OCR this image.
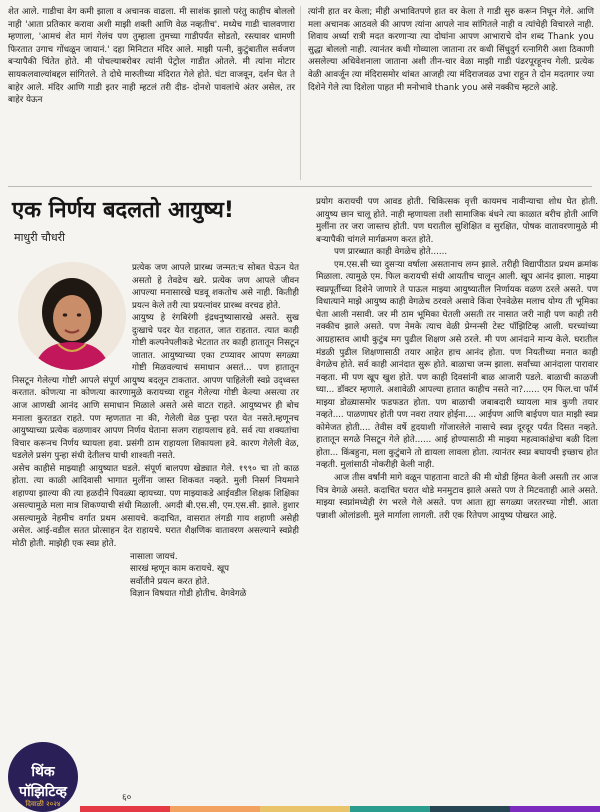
शेत आले. गाडीचा वेग कमी झाला व अचानक वाढला. मी साशंक झालो परंतु काहीच बोललो नाही 'आता प्रतिकार करावा अशी माझी शक्ती आणि वेळ नव्हतीच'. मध्येच गाडी चालवणारा म्हणाला, 'आमचं शेत मागं गेलंच पण तुम्हाला तुमच्या गाडीपर्यंत सोडतो, रस्त्यावर धामणी फिरतात उगाच गोंधळून जायानं.' दहा मिनिटात मंदिर आले. माझी पत्नी, कुटुंबातील सर्वजण बऱ्यापैकी चिंतेत होते. मी पोचल्याबरोबर त्यांनी पेट्रोल गाडीत ओतले. मी त्यांना मोटार सायकलवाल्यांबद्दल सांगितले. ते दोघे मारुतीच्या मंदिरात गेले होते. घंटा वाजवून, दर्शन घेत ते बाहेर आले. मंदिर आणि गाडी इतर नाही म्हटलं तरी दीड- दोनशे पावलांचे अंतर असेल, तर बाहेर येऊन

त्यांनी हात वर केला; मीही अभावितपणे हात वर केला ते गाडी सुरु करून निघून गेले. आणि मला अचानक आठवले की आपण त्यांना आपले नाव सांगितले नाही व त्यांचेही विचारले नाही. शिवाय अर्ध्या रात्री मदत करणाऱ्या त्या दोघांना आपण आभाराचे दोन शब्द Thank you सुद्धा बोललो नाही. त्यानंतर कधी गोव्याला जाताना तर कधी सिंधुदुर्ग रत्नागिरी अशा ठिकाणी असलेल्या अधिवेशनाला जाताना अशी तीन-चार वेळा माझी गाडी पंढरपूरहूनच गेली. प्रत्येक वेळी आवर्जून त्या मंदिरासमोर थांबत आजही त्या मंदिराजवळ उभा राहून ते दोन मदतगार ज्या दिशेने गेले त्या दिशेला पाहत मी मनोभावे thank you असे नक्कीच म्हटले आहे.

एक निर्णय बदलतो आयुष्य!

माधुरी चौधरी

प्रत्येक जण आपले प्रारब्ध जन्मत:च सोबत घेऊन येत असतो हे तेवढेच खरे. प्रत्येक जण आपले जीवन आपल्या मनासारखे घडवू शकतोच असे नाही. कितीही प्रयत्न केले तरी त्या प्रयत्नांवर प्रारब्ध वरचढ होते.

आयुष्य हे रंगबिरंगी इंद्रधनुष्यासारखे असते. सुख दुःखाचे पदर येत राहतात, जात राहतात. त्यात काही गोष्टी कल्पनेपलीकडे भेटतात तर काही हातातून निसटून जातात. आयुष्याच्या एका टप्प्यावर आपण सगळ्या गोष्टी मिळवल्याचं समाधान असतं... पण हातातून निसटून गेलेल्या गोष्टी आपले संपूर्ण आयुष्य बदलून टाकतात. आपण पाहिलेली स्वप्ने उद्ध्वस्त करतात. कोणत्या ना कोणत्या कारणामुळे करायच्या राहून गेलेल्या गोष्टी केल्या असत्या तर आज आणखी आनंद आणि समाधान मिळाले असते असे वाटत राहते. आयुष्यभर ही बोच मनाला कुरतडत राहते. पण म्हणतात ना की, गेलेली वेळ पुन्हा परत येत नसते.म्हणूनच आयुष्याच्या प्रत्येक वळणावर आपण निर्णय घेताना सजग राहायलाच हवे. सर्व त्या शक्यतांचा विचार करूनच निर्णय घ्यायला हवा. प्रसंगी ठाम राहायला शिकायला हवे. कारण गेलेली वेळ, घडलेले प्रसंग पुन्हा संधी देतीलच याची शाश्वती नसते.

असेच काहीसे माझ्याही आयुष्यात घडले. संपूर्ण बालपण खेड्यात गेले. १९९० चा तो काळ होता. त्या काळी आदिवासी भागात मुलींना जास्त शिकवत नव्हते. मुली निसर्ग नियमाने शहाण्या झाल्या की त्या हळदीने पिवळ्या व्हायच्या. पण माझ्याकडे आईवडील शिक्षक शिक्षिका असल्यामुळे मला मात्र शिकण्याची संधी मिळाली. अगदी बी.एस.सी, एम.एस.सी. झाले. हुशार असल्यामुळे नेहमीच वर्गात प्रथम असायचे. कदाचित, वासरात लंगडी गाय शहाणी असेही असेल. आई-वडील सतत प्रोत्साहन देत राहायचे. घरात शैक्षणिक वातावरण असल्याने स्वप्नेही मोठी होती. माझेही एक स्वप्न होते.

नासाला जायचं.

सारखं म्हणून काम करायचे. खूप

सर्वोतीने प्रयत्न करत होते.

विज्ञान विषयात गोडी होतीच. वेगवेगळे

प्रयोग करायची पण आवड होती. चिकित्सक वृत्ती कायमच नावीन्याचा शोध घेत होती. आयुष्य छान चालू होते. नाही म्हणायला तशी सामाजिक बंधने त्या काळात बरीच होती आणि मुलींना तर जरा जास्तच होती. पण घरातील सुशिक्षित व सुरक्षित, पोषक वातावरणामुळे मी बऱ्यापैकी चांगले मार्गक्रमण करत होते.

पण प्रारब्धात काही वेगळेच होते......

एम.एस.सी च्या दुसऱ्या वर्षाला असतानाच लग्न झाले. तरीही विद्यापीठात प्रथम क्रमांक मिळाला. त्यामुळे एम. फिल करायची संधी आयतीच चालून आली. खूप आनंद झाला. माझ्या स्वप्नपूर्तीच्या दिशेने जाणारे ते पाऊल माझ्या आयुष्यातील निर्णायक वळण ठरले असते. पण विधात्याने माझे आयुष्य काही वेगळेच ठरवले असावे किंवा ऐनवेळेस मलाच योग्य ती भूमिका घेता आली नसावी. जर मी ठाम भूमिका घेतली असती तर नासात जरी नाही पण काही तरी नक्कीच झाले असते. पण नेमके त्याच वेळी प्रेग्नन्सी टेस्ट पॉझिटिव्ह आली. घरच्यांच्या आग्रहास्तव आधी कुटुंब मग पुढील शिक्षण असे ठरले. मी पण आनंदाने मान्य केले. घरातील मंडळी पुढील शिक्षणासाठी तयार आहेत हाच आनंद होता. पण नियतीच्या मनात काही वेगळेच होते. सर्व काही आनंदात सुरू होते. बाळाचा जन्म झाला. सर्वांच्या आनंदाला पारावार नव्हता. मी पण खूप खुश होते. पण काही दिवसांनी बाळ आजारी पडले. बाळाची काळजी घ्या... डॉक्टर म्हणाले. अशावेळी आपल्या हातात काहीच नसते ना?...... एम फिल.चा फॉर्म माझ्या डोळ्यासमोर फडफडत होता. पण बाळाची जबाबदारी घ्यायला मात्र कुणी तयार नव्हते.... पाळणाघर होती पण नवरा तयार होईना.... आईपण आणि बाईपण यात माझी स्वप्न कोमेजत होती.... तेवीस वर्षे हृदयाशी गोंजारलेले नासाचे स्वप्न दूरदूर पर्यंत दिसत नव्हते. हातातून सगळे निसटून गेले होते...... आई होण्यासाठी मी माझ्या महत्वाकांक्षेचा बळी दिला होता... किंबहुना, मला कुटुंबाने तो द्यायला लावला होता. त्यानंतर स्वप्न बघायची इच्छाच होत नव्हती. मुलांसाठी नोकरीही केली नाही.

आज तीस वर्षांनी मागे वळून पाहताना वाटते की मी थोडी हिंमत केली असती तर आज चित्र वेगळे असते. कदाचित घरात थोडे मनमुटाव झाले असते पण ते मिटवताही आले असते. माझ्या स्वप्नांमध्येही रंग भरले गेले असते. पण आता ह्या सगळ्या जरतरच्या गोष्टी. आता पन्नाशी ओलांडली. मुले मार्गाला लागली. तरी एक रितेपण आयुष्य पोखरत आहे.

थिंक
पॉझिटिव्ह
दिवाळी २०२४
६०
